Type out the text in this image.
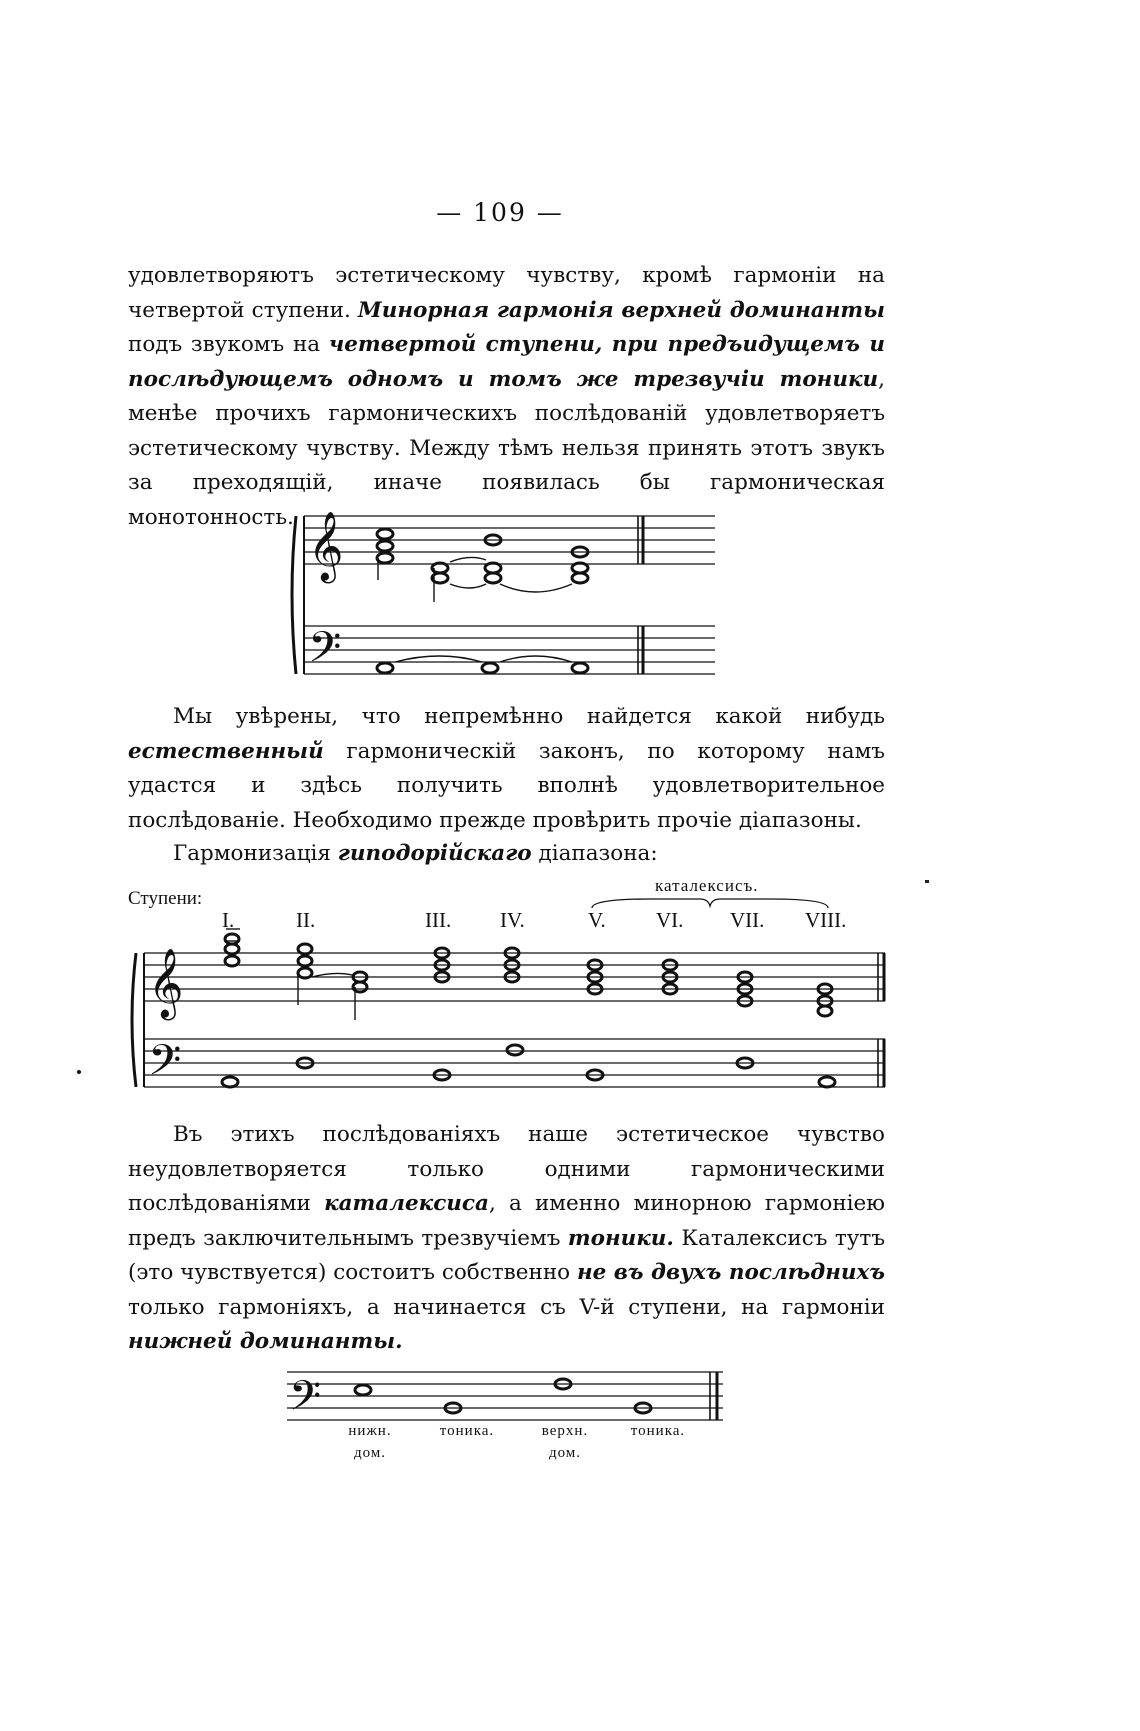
— 109 —
удовлетворяютъ эстетическому чувству, кромѣ гармоніи на четвертой ступени. Минорная гармонія верхней доминанты подъ звукомъ на четвертой ступени, при предъидущемъ и послѣдующемъ одномъ и томъ же трезвучіи тоники, менѣе прочихъ гармоническихъ послѣдованій удовлетворяетъ эстетическому чувству. Между тѣмъ нельзя принять этотъ звукъ за преходящій, иначе появилась бы гармоническая монотонность. 𝄞
𝄢
Мы увѣрены, что непремѣнно найдется какой нибудь естественный гармоническій законъ, по которому намъ удастся и здѣсь получить вполнѣ удовлетворительное послѣдованіе. Необходимо прежде провѣрить прочіе діапазоны.
Гармонизація гиподорійскаго діапазона:
Ступени:
каталексисъ.
I.	II.	III. IV.	V. VI. VII. VIII.
𝄞
𝄢
Въ этихъ послѣдованіяхъ наше эстетическое чувство неудовлетворяется только одними гармоническими послѣдованіями каталексиса, а именно минорною гармоніею предъ заключительнымъ трезвучіемъ тоники. Каталексисъ тутъ (это чувствуется) состоитъ собственно не въ двухъ послѣднихъ только гармоніяхъ, а начинается съ V-й ступени, на гармоніи нижней доминанты.
𝄢
нижн.
дом.
тоника.	верхн.
дом.
тоника.
